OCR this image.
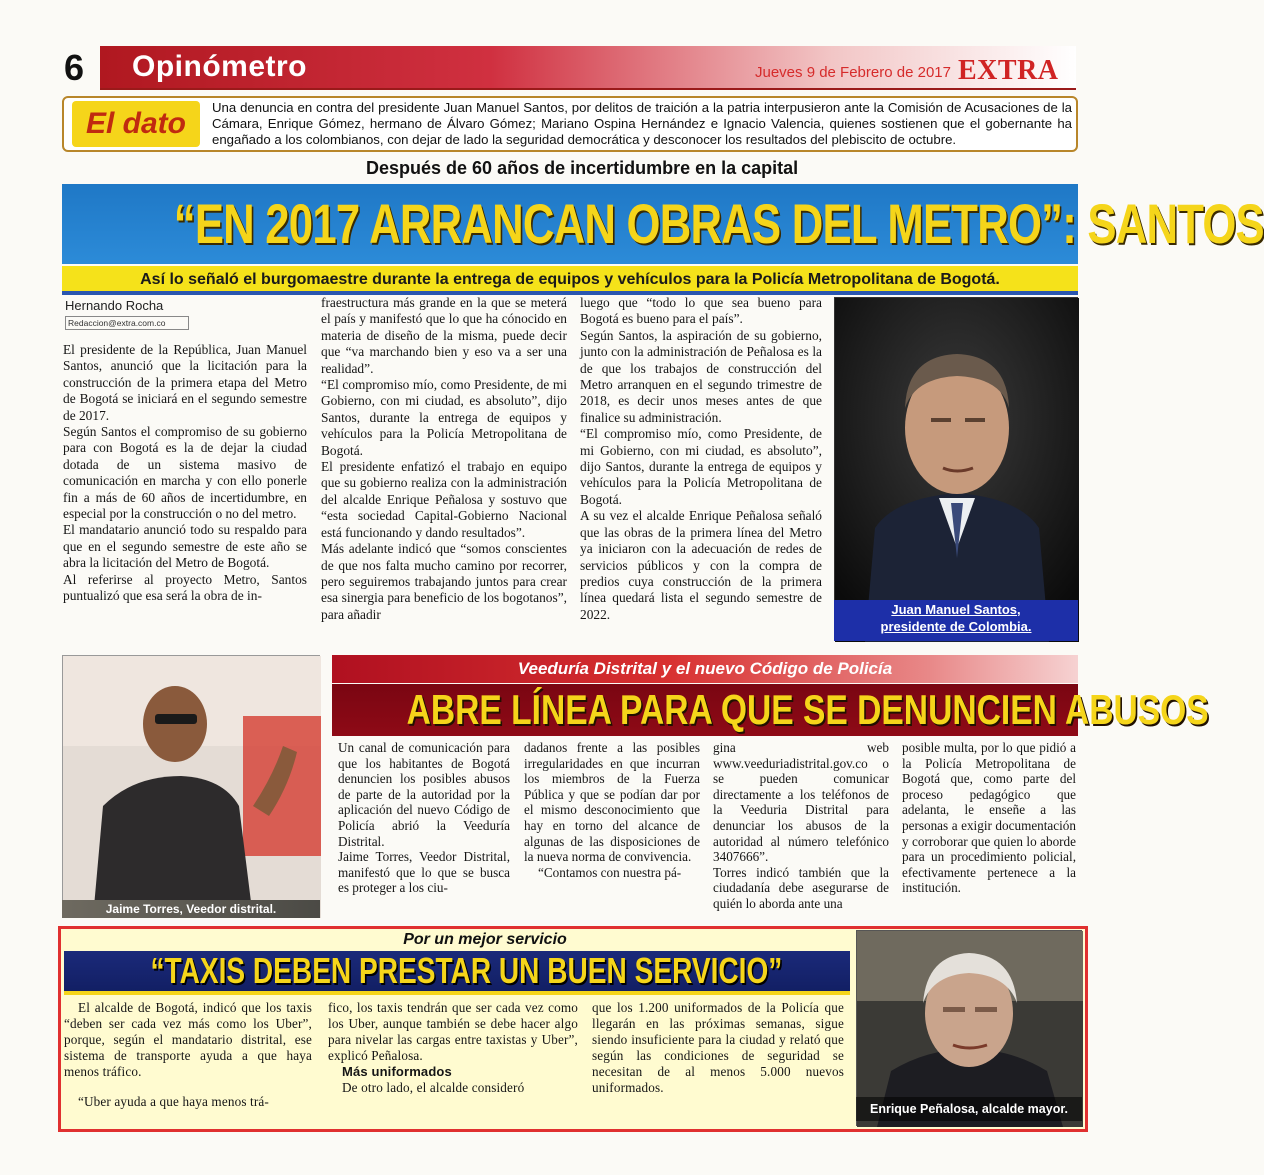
6	Opinómetro	Jueves 9 de Febrero de 2017 EXTRA
El dato	Una denuncia en contra del presidente Juan Manuel Santos, por delitos de traición a la patria interpusieron ante la Comisión de Acusaciones de la Cámara, Enrique Gómez, hermano de Álvaro Gómez; Mariano Ospina Hernández e Ignacio Valencia, quienes sostienen que el gobernante ha engañado a los colombianos, con dejar de lado la seguridad democrática y desconocer los resultados del plebiscito de octubre.
Después de 60 años de incertidumbre en la capital
“EN 2017 ARRANCAN OBRAS DEL METRO”: SANTOS
Así lo señaló el burgomaestre durante la entrega de equipos y vehículos para la Policía Metropolitana de Bogotá.
Hernando Rocha
Redaccion@extra.com.co

El presidente de la República, Juan Manuel Santos, anunció que la licitación para la construcción de la primera etapa del Metro de Bogotá se iniciará en el segundo semestre de 2017.

Según Santos el compromiso de su gobierno para con Bogotá es la de dejar la ciudad dotada de un sistema masivo de comunicación en marcha y con ello ponerle fin a más de 60 años de incertidumbre, en especial por la construcción o no del metro.

El mandatario anunció todo su respaldo para que en el segundo semestre de este año se abra la licitación del Metro de Bogotá.

Al referirse al proyecto Metro, Santos puntualizó que esa será la obra de in-

fraestructura más grande en la que se meterá el país y manifestó que lo que ha cónocido en materia de diseño de la misma, puede decir que “va marchando bien y eso va a ser una realidad”.

“El compromiso mío, como Presidente, de mi Gobierno, con mi ciudad, es absoluto”, dijo Santos, durante la entrega de equipos y vehículos para la Policía Metropolitana de Bogotá.

El presidente enfatizó el trabajo en equipo que su gobierno realiza con la administración del alcalde Enrique Peñalosa y sostuvo que “esta sociedad Capital-Gobierno Nacional está funcionando y dando resultados”.

Más adelante indicó que “somos conscientes de que nos falta mucho camino por recorrer, pero seguiremos trabajando juntos para crear esa sinergia para beneficio de los bogotanos”, para añadir

luego que “todo lo que sea bueno para Bogotá es bueno para el país”.

Según Santos, la aspiración de su gobierno, junto con la administración de Peñalosa es la de que los trabajos de construcción del Metro arranquen en el segundo trimestre de 2018, es decir unos meses antes de que finalice su administración.

“El compromiso mío, como Presidente, de mi Gobierno, con mi ciudad, es absoluto”, dijo Santos, durante la entrega de equipos y vehículos para la Policía Metropolitana de Bogotá.

A su vez el alcalde Enrique Peñalosa señaló que las obras de la primera línea del Metro ya iniciaron con la adecuación de redes de servicios públicos y con la compra de predios cuya construcción de la primera línea quedará lista el segundo semestre de 2022.	Juan Manuel Santos,
presidente de Colombia.
Jaime Torres, Veedor distrital.
Veeduría Distrital y el nuevo Código de Policía
ABRE LÍNEA PARA QUE SE DENUNCIEN ABUSOS

Un canal de comunicación para que los habitantes de Bogotá denuncien los posibles abusos de parte de la autoridad por la aplicación del nuevo Código de Policía abrió la Veeduría Distrital.

Jaime Torres, Veedor Distrital, manifestó que lo que se busca es proteger a los ciu-

dadanos frente a las posibles irregularidades en que incurran los miembros de la Fuerza Pública y que se podían dar por el mismo desconocimiento que hay en torno del alcance de algunas de las disposiciones de la nueva norma de convivencia.

“Contamos con nuestra pá-

gina web www.veeduriadistrital.gov.co o se pueden comunicar directamente a los teléfonos de la Veeduria Distrital para denunciar los abusos de la autoridad al número telefónico 3407666”.

Torres indicó también que la ciudadanía debe asegurarse de quién lo aborda ante una

posible multa, por lo que pidió a la Policía Metropolitana de Bogotá que, como parte del proceso pedagógico que adelanta, le enseñe a las personas a exigir documentación y corroborar que quien lo aborde para un procedimiento policial, efectivamente pertenece a la institución.

Por un mejor servicio
“TAXIS DEBEN PRESTAR UN BUEN SERVICIO”

El alcalde de Bogotá, indicó que los taxis “deben ser cada vez más como los Uber”, porque, según el mandatario distrital, ese sistema de transporte ayuda a que haya menos tráfico.

“Uber ayuda a que haya menos trá-

fico, los taxis tendrán que ser cada vez como los Uber, aunque también se debe hacer algo para nivelar las cargas entre taxistas y Uber”, explicó Peñalosa.

Más uniformados

De otro lado, el alcalde consideró

que los 1.200 uniformados de la Policía que llegarán en las próximas semanas, sigue siendo insuficiente para la ciudad y relató que según las condiciones de seguridad se necesitan de al menos 5.000 nuevos uniformados.

Enrique Peñalosa, alcalde mayor.
